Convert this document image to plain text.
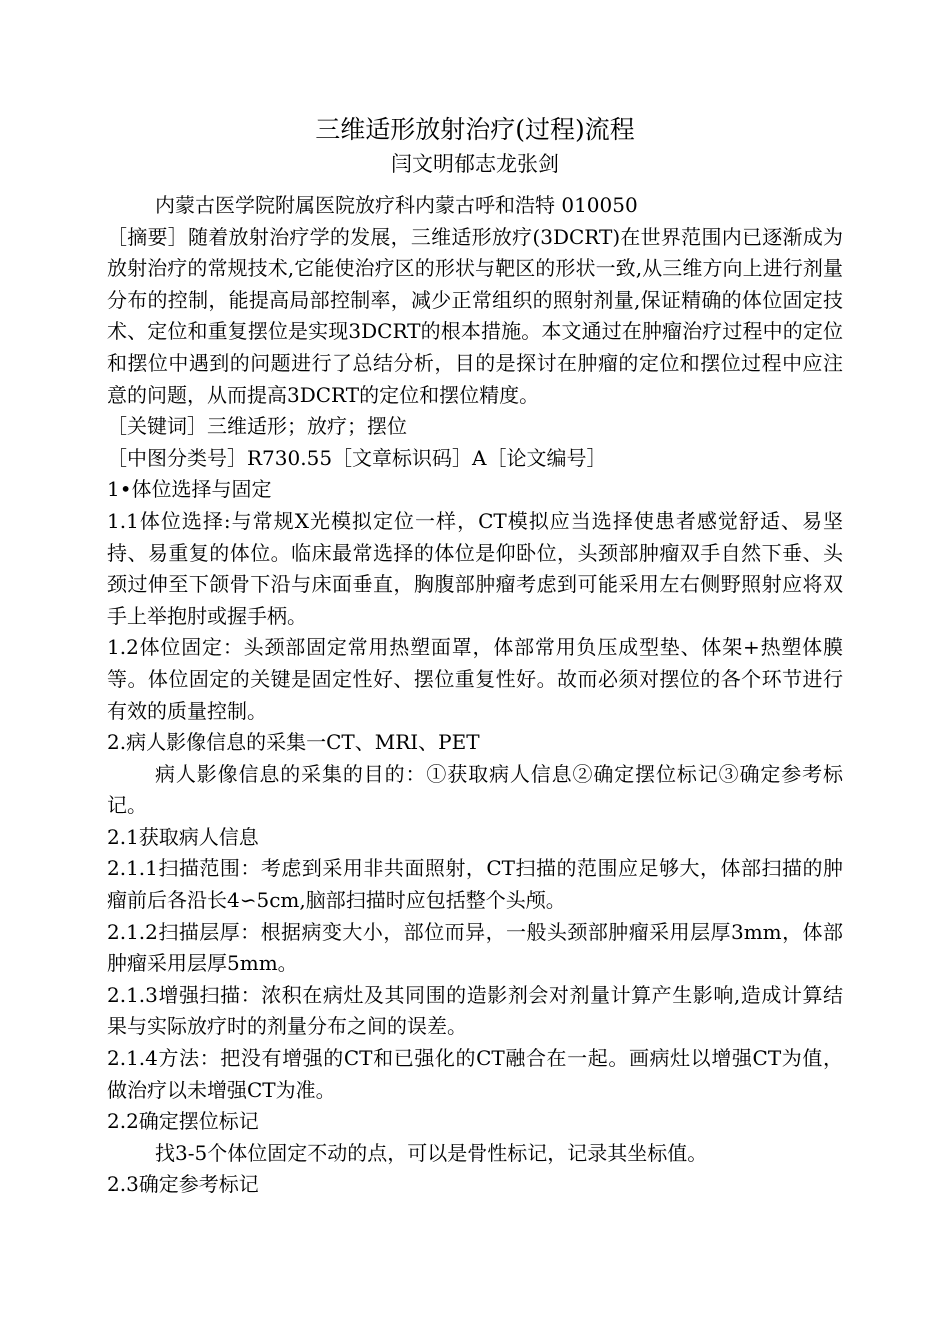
三维适形放射治疗(过程)流程
闫文明郁志龙张剑

内蒙古医学院附属医院放疗科内蒙古呼和浩特 010050

［摘要］随着放射治疗学的发展，三维适形放疗(3DCRT)在世界范围内已逐渐成为放射治疗的常规技术,它能使治疗区的形状与靶区的形状一致,从三维方向上进行剂量分布的控制，能提高局部控制率，减少正常组织的照射剂量,保证精确的体位固定技术、定位和重复摆位是实现3DCRT的根本措施。本文通过在肿瘤治疗过程中的定位和摆位中遇到的问题进行了总结分析，目的是探讨在肿瘤的定位和摆位过程中应注意的问题，从而提高3DCRT的定位和摆位精度。

［关键词］三维适形；放疗；摆位

［中图分类号］R730.55［文章标识码］A［论文编号］

1•体位选择与固定

1.1体位选择:与常规X光模拟定位一样，CT模拟应当选择使患者感觉舒适、易坚持、易重复的体位。临床最常选择的体位是仰卧位，头颈部肿瘤双手自然下垂、头颈过伸至下颌骨下沿与床面垂直，胸腹部肿瘤考虑到可能采用左右侧野照射应将双手上举抱肘或握手柄。

1.2体位固定：头颈部固定常用热塑面罩，体部常用负压成型垫、体架+热塑体膜等。体位固定的关键是固定性好、摆位重复性好。故而必须对摆位的各个环节进行有效的质量控制。

2.病人影像信息的采集一CT、MRI、PET

病人影像信息的采集的目的：①获取病人信息②确定摆位标记③确定参考标记。

2.1获取病人信息

2.1.1扫描范围：考虑到采用非共面照射，CT扫描的范围应足够大，体部扫描的肿瘤前后各沿长4∽5cm,脑部扫描时应包括整个头颅。

2.1.2扫描层厚：根据病变大小，部位而异，一般头颈部肿瘤采用层厚3mm，体部肿瘤采用层厚5mm。

2.1.3增强扫描：浓积在病灶及其同围的造影剂会对剂量计算产生影响,造成计算结果与实际放疗时的剂量分布之间的误差。

2.1.4方法：把没有增强的CT和已强化的CT融合在一起。画病灶以增强CT为值，做治疗以未增强CT为准。

2.2确定摆位标记

找3-5个体位固定不动的点，可以是骨性标记，记录其坐标值。

2.3确定参考标记
